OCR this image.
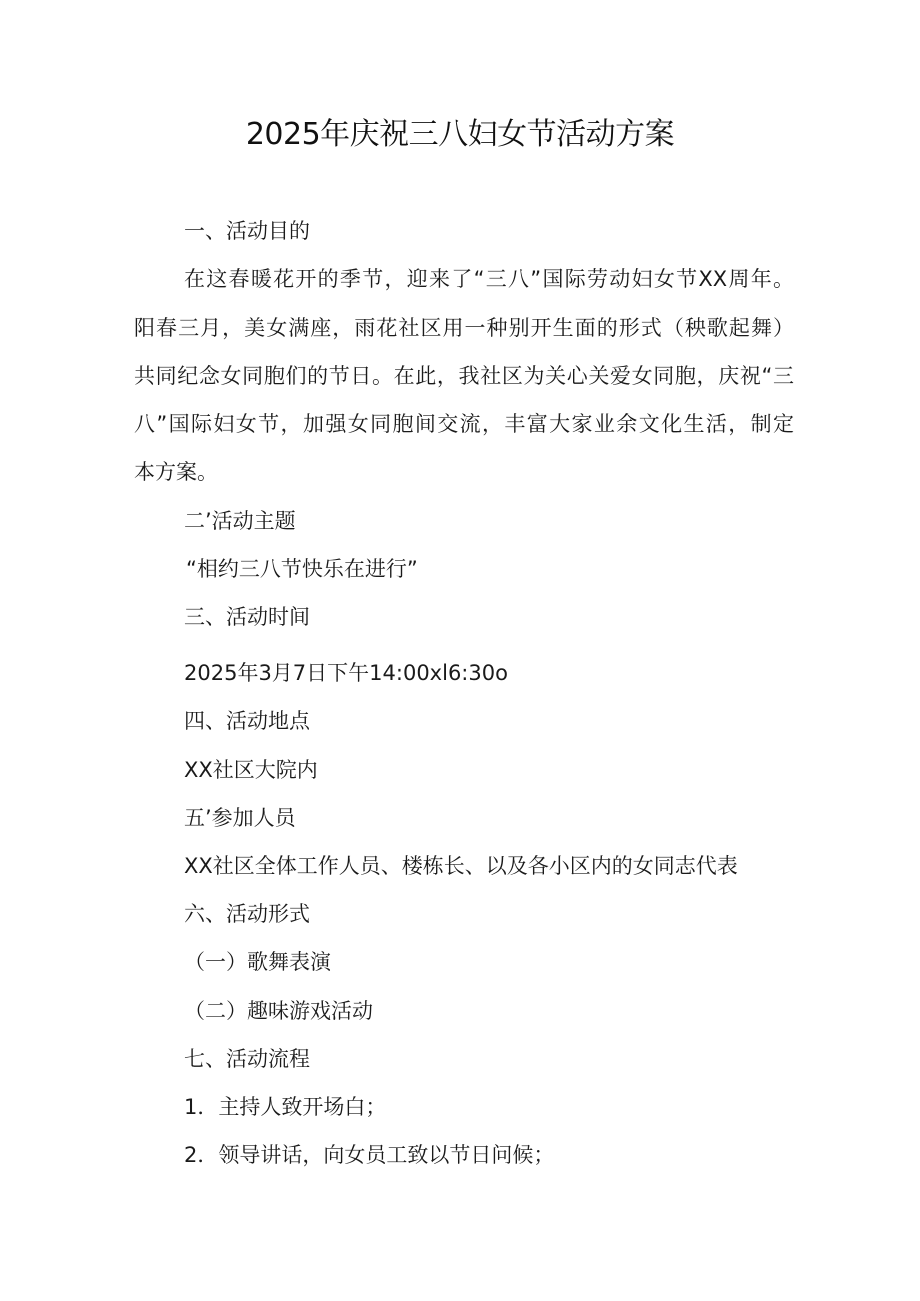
2025年庆祝三八妇女节活动方案
一、活动目的
在这春暖花开的季节，迎来了“三八”国际劳动妇女节XX周年。
阳春三月，美女满座，雨花社区用一种别开生面的形式（秧歌起舞）
共同纪念女同胞们的节日。在此，我社区为关心关爱女同胞，庆祝“三
八”国际妇女节，加强女同胞间交流，丰富大家业余文化生活，制定
本方案。
二’活动主题
“相约三八节快乐在进行”
三、活动时间
2025年3月7日下午14:00xl6:30o
四、活动地点
XX社区大院内
五’参加人员
XX社区全体工作人员、楼栋长、以及各小区内的女同志代表
六、活动形式
（一）歌舞表演
（二）趣味游戏活动
七、活动流程
1．主持人致开场白；
2．领导讲话，向女员工致以节日问候；
